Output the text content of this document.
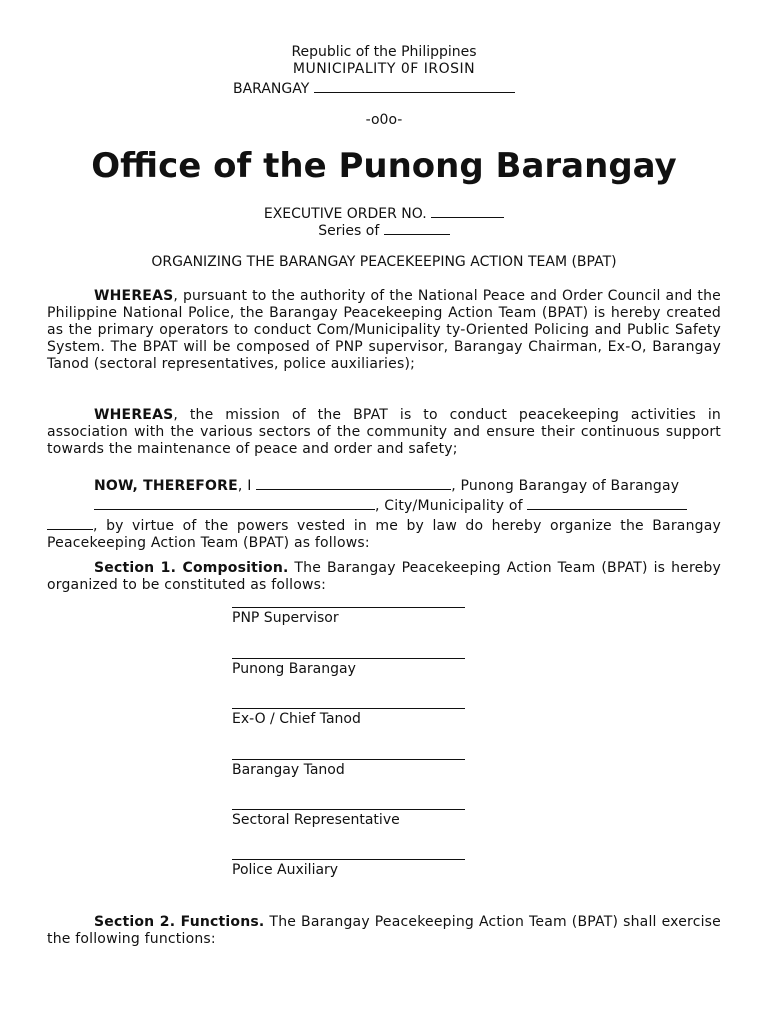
Republic of the Philippines
MUNICIPALITY 0F IROSIN
BARANGAY
-o0o-
Office of the Punong Barangay
EXECUTIVE ORDER NO.
Series of
ORGANIZING THE BARANGAY PEACEKEEPING ACTION TEAM (BPAT)

WHEREAS, pursuant to the authority of the National Peace and Order Council and the Philippine National Police, the Barangay Peacekeeping Action Team (BPAT) is hereby created as the primary operators to conduct Com/Municipality ty-Oriented Policing and Public Safety System. The BPAT will be composed of PNP supervisor, Barangay Chairman, Ex-O, Barangay Tanod (sectoral representatives, police auxiliaries);

WHEREAS, the mission of the BPAT is to conduct peacekeeping activities in association with the various sectors of the community and ensure their continuous support towards the maintenance of peace and order and safety;

NOW, THEREFORE, I	, Punong Barangay of Barangay
, City/Municipality of
, by virtue of the powers vested in me by law do hereby organize the Barangay Peacekeeping Action Team (BPAT) as follows:

Section 1. Composition. The Barangay Peacekeeping Action Team (BPAT) is hereby organized to be constituted as follows:

PNP Supervisor
Punong Barangay
Ex-O / Chief Tanod
Barangay Tanod
Sectoral Representative
Police Auxiliary

Section 2. Functions. The Barangay Peacekeeping Action Team (BPAT) shall exercise the following functions:
